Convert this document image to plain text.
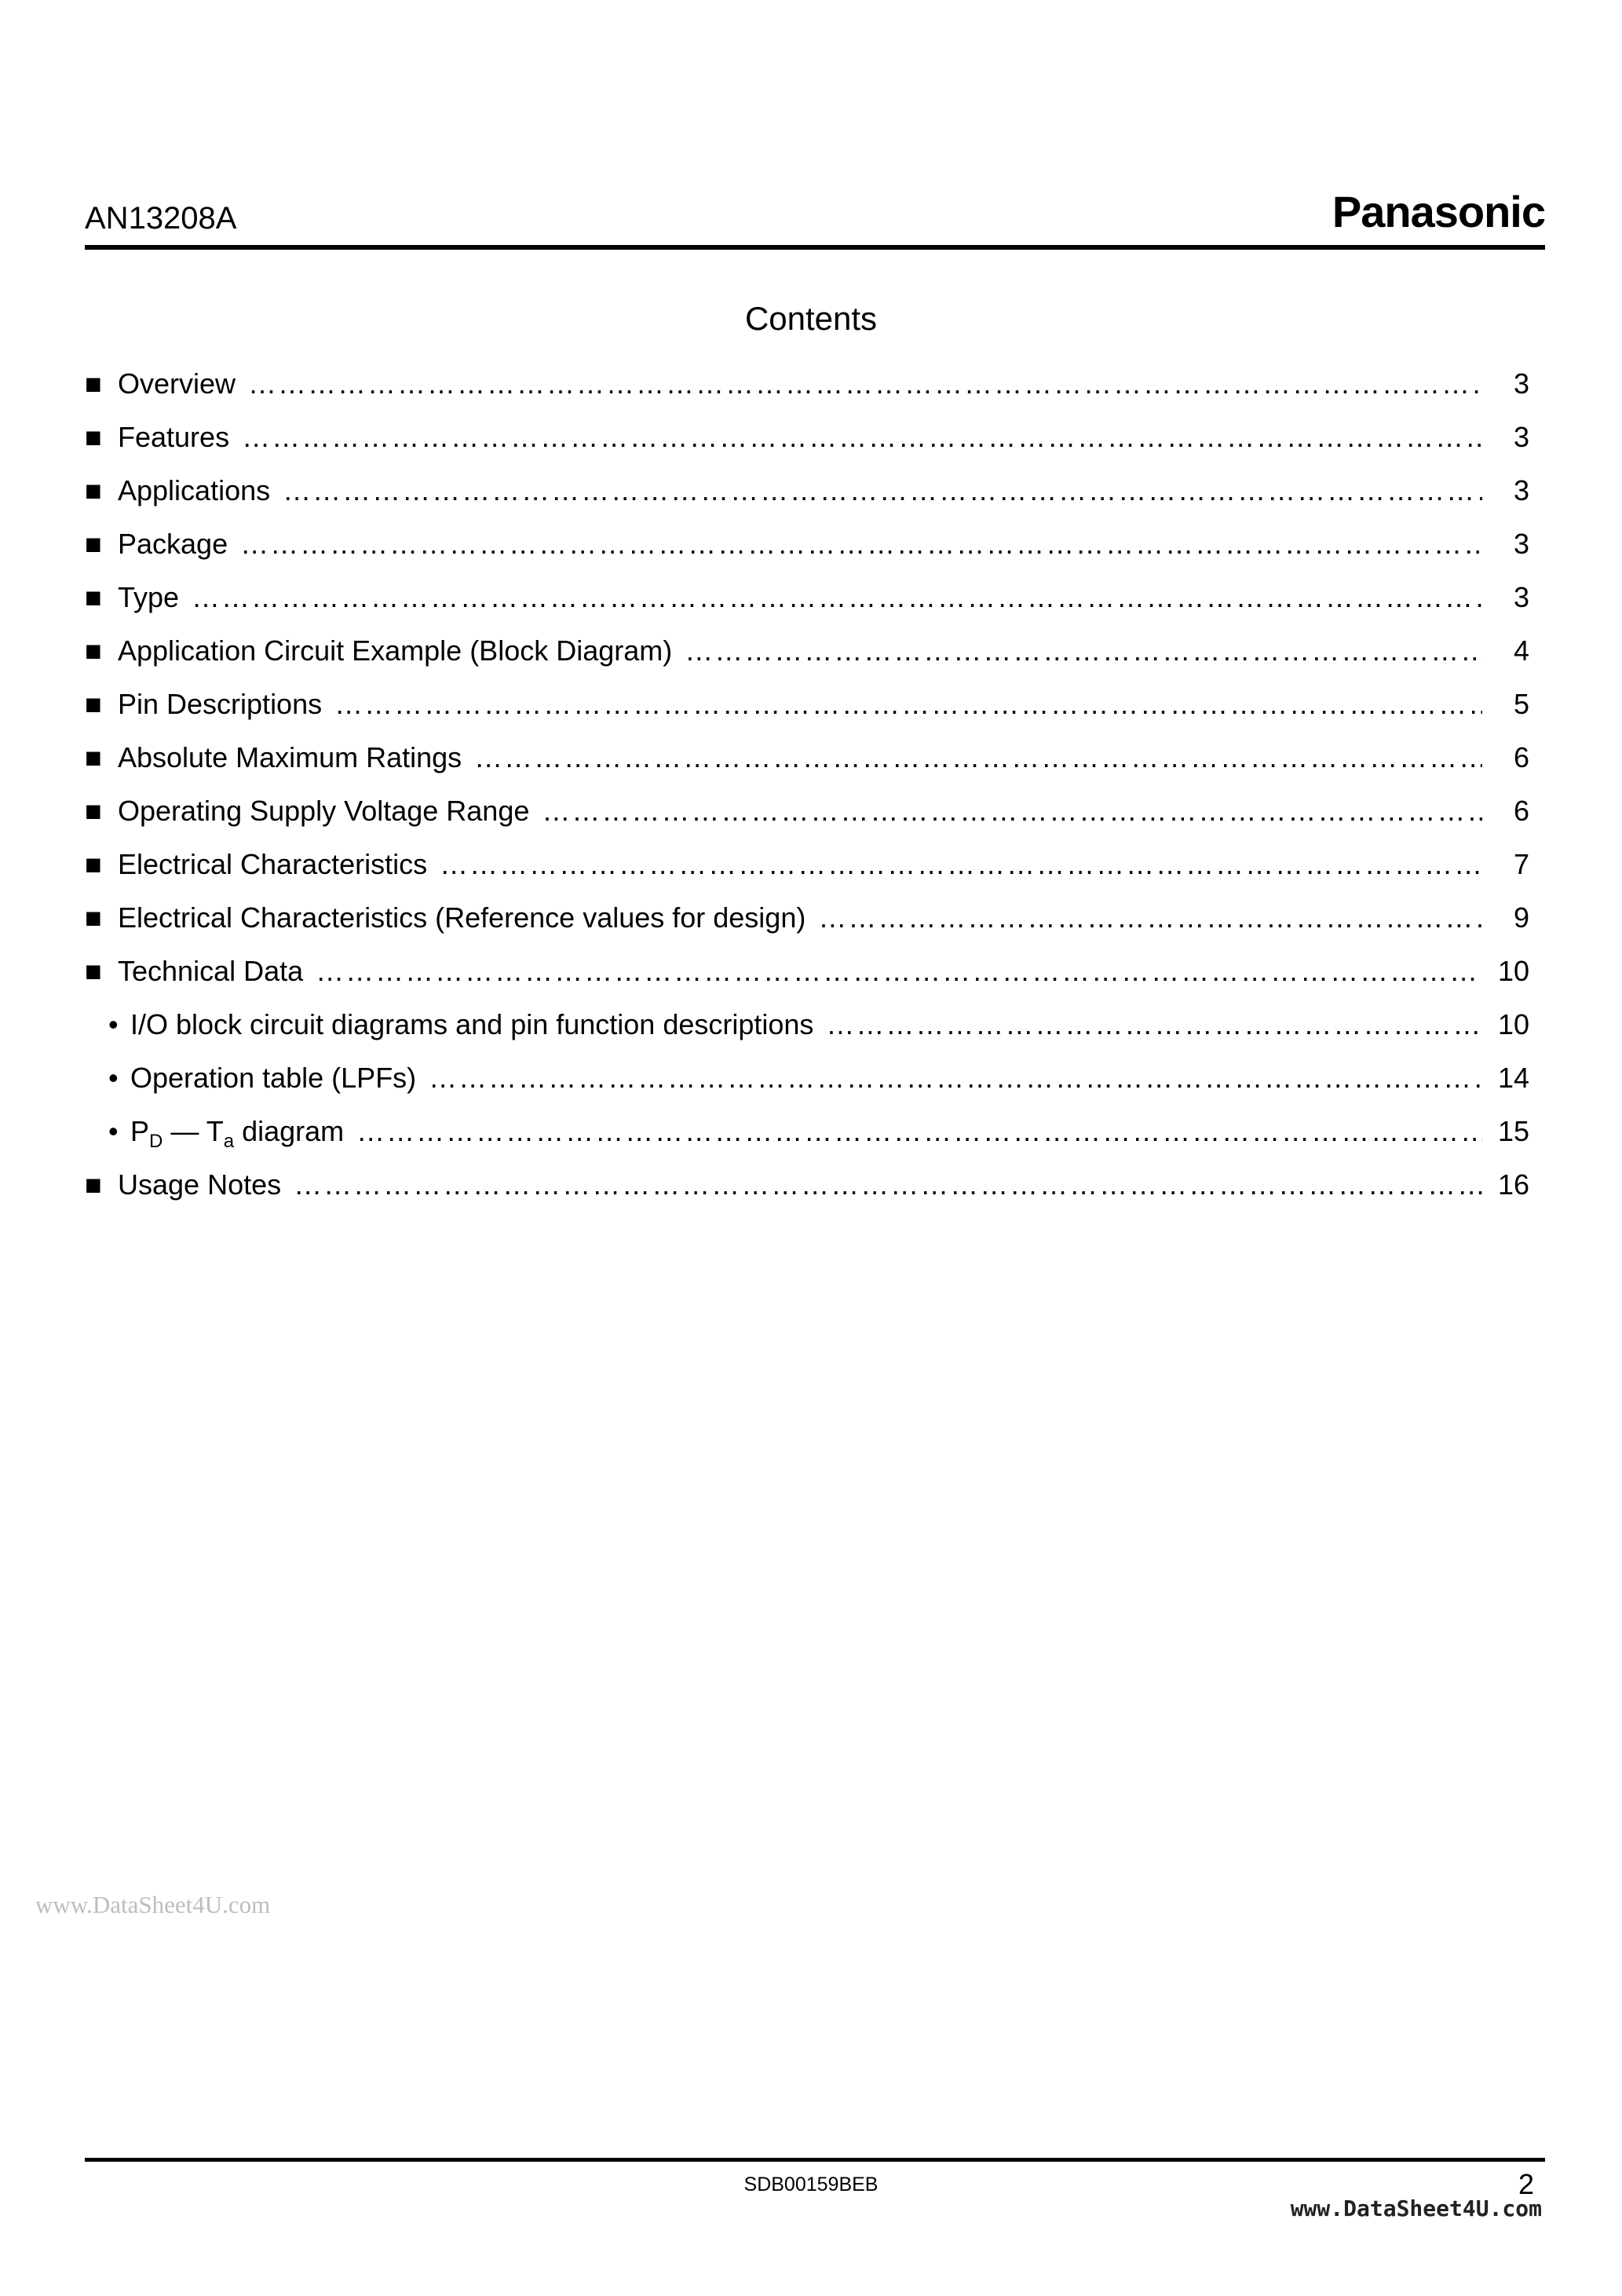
AN13208A	Panasonic
Contents
■ Overview ……………………………………………………………………………………………………………………………………………………………………………………………………………………………………………………………………………………	3
■ Features ……………………………………………………………………………………………………………………………………………………………………………………………………………………………………………………………………………………	3
■ Applications ……………………………………………………………………………………………………………………………………………………………………………………………………………………………………………………………………………………	3
■ Package ……………………………………………………………………………………………………………………………………………………………………………………………………………………………………………………………………………………	3
■ Type ……………………………………………………………………………………………………………………………………………………………………………………………………………………………………………………………………………………	3
■ Application Circuit Example (Block Diagram) ……………………………………………………………………………………………………………………………………………………………………………………………………………………………………………………………………………………	4
■ Pin Descriptions ……………………………………………………………………………………………………………………………………………………………………………………………………………………………………………………………………………………	5
■ Absolute Maximum Ratings ……………………………………………………………………………………………………………………………………………………………………………………………………………………………………………………………………………………	6
■ Operating Supply Voltage Range ……………………………………………………………………………………………………………………………………………………………………………………………………………………………………………………………………………………	6
■ Electrical Characteristics ……………………………………………………………………………………………………………………………………………………………………………………………………………………………………………………………………………………	7
■ Electrical Characteristics (Reference values for design) ……………………………………………………………………………………………………………………………………………………………………………………………………………………………………………………………………………………	9
■ Technical Data ……………………………………………………………………………………………………………………………………………………………………………………………………………………………………………………………………………………	10
• I/O block circuit diagrams and pin function descriptions ……………………………………………………………………………………………………………………………………………………………………………………………………………………………………………………………………………………	10
• Operation table (LPFs) ……………………………………………………………………………………………………………………………………………………………………………………………………………………………………………………………………………………	14
• $P_D$ — $T_a$ diagram ……………………………………………………………………………………………………………………………………………………………………………………………………………………………………………………………………………………	15
■ Usage Notes ……………………………………………………………………………………………………………………………………………………………………………………………………………………………………………………………………………………	16
www.DataSheet4U.com
SDB00159BEB	2
www.DataSheet4U.com
